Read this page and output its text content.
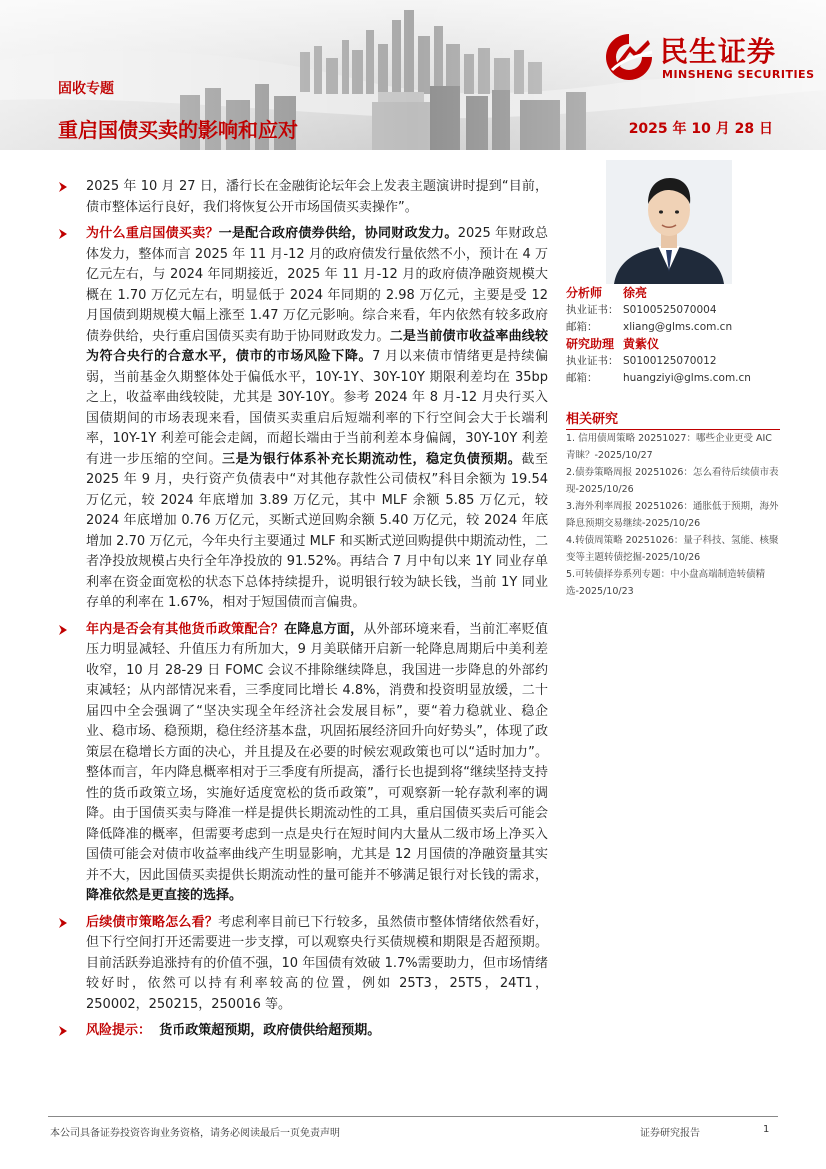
民生证券
MINSHENG SECURITIES
固收专题
重启国债买卖的影响和应对	2025 年 10 月 28 日
2025 年 10 月 27 日，潘行长在金融街论坛年会上发表主题演讲时提到“目前，债市整体运行良好，我们将恢复公开市场国债买卖操作”。
为什么重启国债买卖？一是配合政府债券供给，协同财政发力。2025 年财政总体发力，整体而言 2025 年 11 月-12 月的政府债发行量依然不小，预计在 4 万亿元左右，与 2024 年同期接近，2025 年 11 月-12 月的政府债净融资规模大概在 1.70 万亿元左右，明显低于 2024 年同期的 2.98 万亿元，主要是受 12 月国债到期规模大幅上涨至 1.47 万亿元影响。综合来看，年内依然有较多政府债券供给，央行重启国债买卖有助于协同财政发力。二是当前债市收益率曲线较为符合央行的合意水平，债市的市场风险下降。7 月以来债市情绪更是持续偏弱，当前基金久期整体处于偏低水平，10Y-1Y、30Y-10Y 期限利差均在 35bp 之上，收益率曲线较陡，尤其是 30Y-10Y。参考 2024 年 8 月-12 月央行买入国债期间的市场表现来看，国债买卖重启后短端利率的下行空间会大于长端利率，10Y-1Y 利差可能会走阔，而超长端由于当前利差本身偏阔，30Y-10Y 利差有进一步压缩的空间。三是为银行体系补充长期流动性，稳定负债预期。截至 2025 年 9 月，央行资产负债表中“对其他存款性公司债权”科目余额为 19.54 万亿元，较 2024 年底增加 3.89 万亿元，其中 MLF 余额 5.85 万亿元，较 2024 年底增加 0.76 万亿元，买断式逆回购余额 5.40 万亿元，较 2024 年底增加 2.70 万亿元，今年央行主要通过 MLF 和买断式逆回购提供中期流动性，二者净投放规模占央行全年净投放的 91.52%。再结合 7 月中旬以来 1Y 同业存单利率在资金面宽松的状态下总体持续提升，说明银行较为缺长钱，当前 1Y 同业存单的利率在 1.67%，相对于短国债而言偏贵。
年内是否会有其他货币政策配合？在降息方面，从外部环境来看，当前汇率贬值压力明显减轻、升值压力有所加大，9 月美联储开启新一轮降息周期后中美利差收窄，10 月 28-29 日 FOMC 会议不排除继续降息，我国进一步降息的外部约束减轻；从内部情况来看，三季度同比增长 4.8%，消费和投资明显放缓，二十届四中全会强调了“坚决实现全年经济社会发展目标”，要“着力稳就业、稳企业、稳市场、稳预期，稳住经济基本盘，巩固拓展经济回升向好势头”，体现了政策层在稳增长方面的决心，并且提及在必要的时候宏观政策也可以“适时加力”。整体而言，年内降息概率相对于三季度有所提高，潘行长也提到将“继续坚持支持性的货币政策立场，实施好适度宽松的货币政策”，可观察新一轮存款利率的调降。由于国债买卖与降准一样是提供长期流动性的工具，重启国债买卖后可能会降低降准的概率，但需要考虑到一点是央行在短时间内大量从二级市场上净买入国债可能会对债市收益率曲线产生明显影响，尤其是 12 月国债的净融资量其实并不大，因此国债买卖提供长期流动性的量可能并不够满足银行对长钱的需求，降准依然是更直接的选择。
后续债市策略怎么看？考虑利率目前已下行较多，虽然债市整体情绪依然看好，但下行空间打开还需要进一步支撑，可以观察央行买债规模和期限是否超预期。目前活跃券追涨持有的价值不强，10 年国债有效破 1.7%需要助力，但市场情绪较好时，依然可以持有利率较高的位置，例如 25T3，25T5，24T1，250002，250215，250016 等。
风险提示： 货币政策超预期，政府债供给超预期。
分析师	徐亮
执业证书： S0100525070004
邮箱：	xliang@glms.com.cn
研究助理 黄紫仪
执业证书： S0100125070012
邮箱：	huangziyi@glms.com.cn
相关研究
1. 信用债周策略 20251027：哪些企业更受 AIC 青睐？-2025/10/27
2.债券策略周报 20251026：怎么看待后续债市表现-2025/10/26
3.海外利率周报 20251026：通胀低于预期，海外降息预期交易继续-2025/10/26
4.转债周策略 20251026：量子科技、氢能、核聚变等主题转债挖掘-2025/10/26
5.可转债择券系列专题：中小盘高端制造转债精选-2025/10/23
本公司具备证券投资咨询业务资格，请务必阅读最后一页免责声明	证券研究报告	1
